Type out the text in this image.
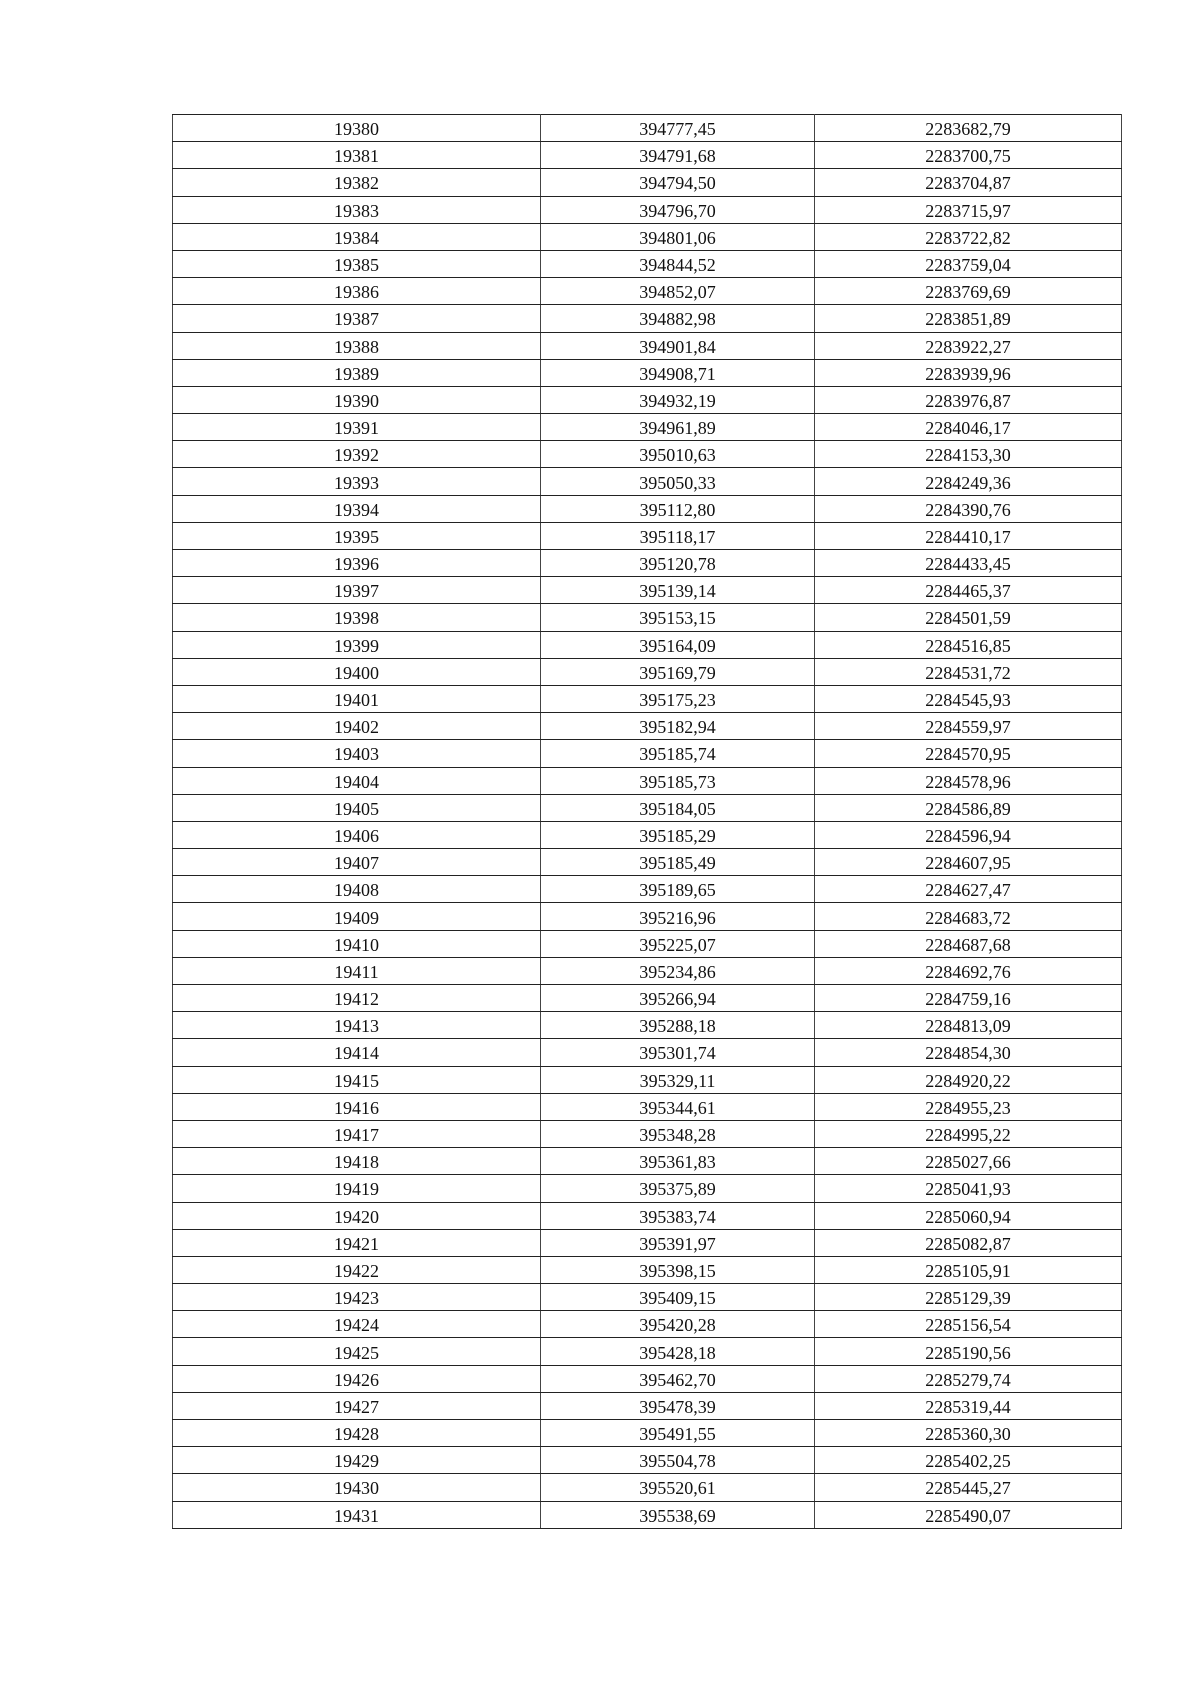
19380	394777,45	2283682,79
19381	394791,68	2283700,75
19382	394794,50	2283704,87
19383	394796,70	2283715,97
19384	394801,06	2283722,82
19385	394844,52	2283759,04
19386	394852,07	2283769,69
19387	394882,98	2283851,89
19388	394901,84	2283922,27
19389	394908,71	2283939,96
19390	394932,19	2283976,87
19391	394961,89	2284046,17
19392	395010,63	2284153,30
19393	395050,33	2284249,36
19394	395112,80	2284390,76
19395	395118,17	2284410,17
19396	395120,78	2284433,45
19397	395139,14	2284465,37
19398	395153,15	2284501,59
19399	395164,09	2284516,85
19400	395169,79	2284531,72
19401	395175,23	2284545,93
19402	395182,94	2284559,97
19403	395185,74	2284570,95
19404	395185,73	2284578,96
19405	395184,05	2284586,89
19406	395185,29	2284596,94
19407	395185,49	2284607,95
19408	395189,65	2284627,47
19409	395216,96	2284683,72
19410	395225,07	2284687,68
19411	395234,86	2284692,76
19412	395266,94	2284759,16
19413	395288,18	2284813,09
19414	395301,74	2284854,30
19415	395329,11	2284920,22
19416	395344,61	2284955,23
19417	395348,28	2284995,22
19418	395361,83	2285027,66
19419	395375,89	2285041,93
19420	395383,74	2285060,94
19421	395391,97	2285082,87
19422	395398,15	2285105,91
19423	395409,15	2285129,39
19424	395420,28	2285156,54
19425	395428,18	2285190,56
19426	395462,70	2285279,74
19427	395478,39	2285319,44
19428	395491,55	2285360,30
19429	395504,78	2285402,25
19430	395520,61	2285445,27
19431	395538,69	2285490,07
